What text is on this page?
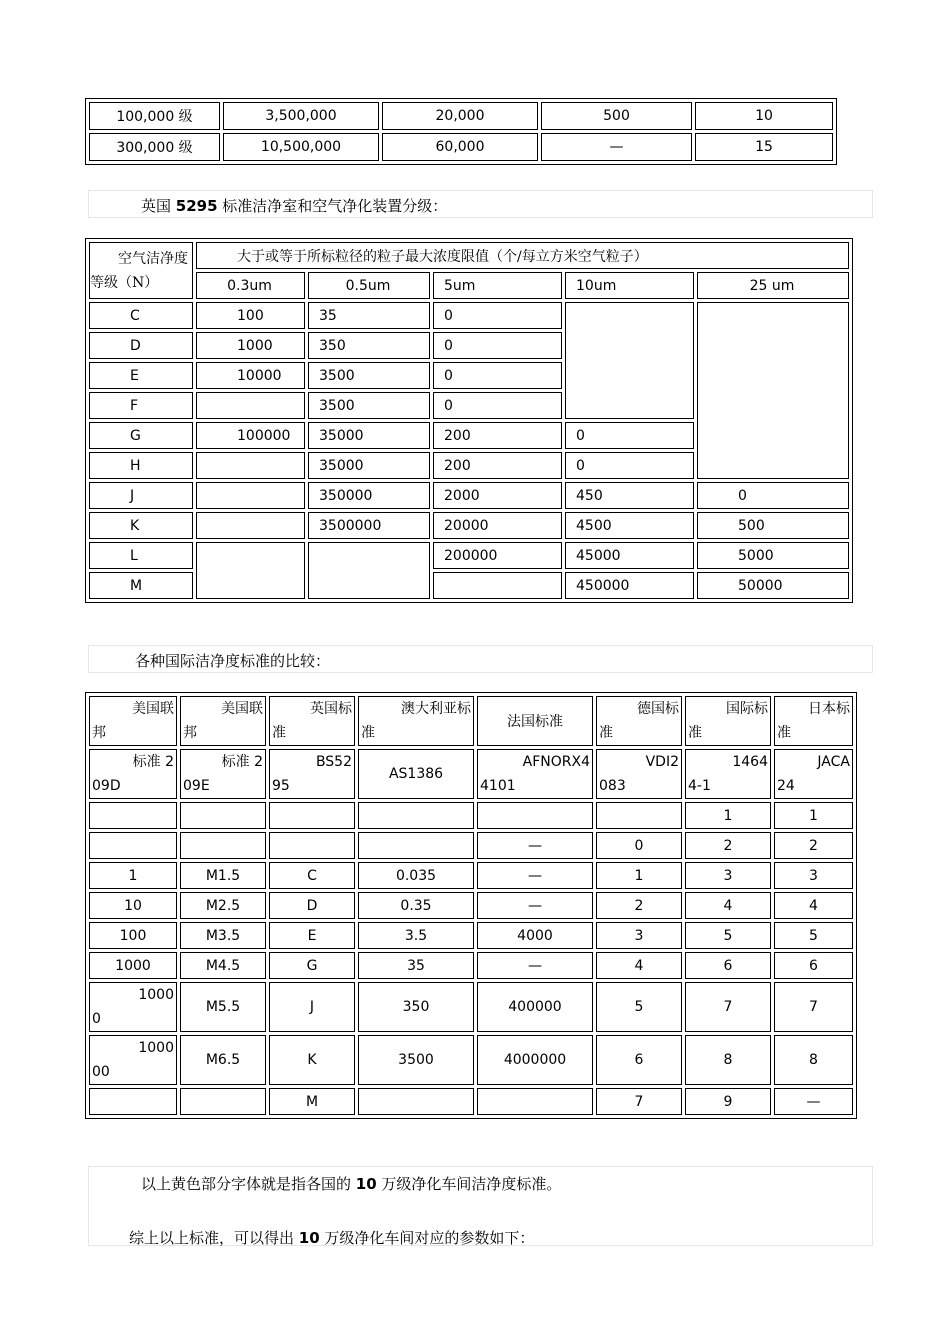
100,000 级	3,500,000	20,000	500	10
300,000 级	10,500,000	60,000	—	15
英国 5295 标准洁净室和空气净化装置分级：
空气洁净度
等级（N）	大于或等于所标粒径的粒子最大浓度限值（个/每立方米空气粒子）				
	0.3um	0.5um	5um	10um	25 um
C	100	35	0		
D	1000	350	0		
E	10000	3500	0		
F		3500	0		
G	100000	35000	200	0	
H		35000	200	0	
J		350000	2000	450	0
K		3500000	20000	4500	500
L			200000	45000	5000
M				450000	50000
各种国际洁净度标准的比较：
美国联
邦	美国联
邦	英国标
准	澳大利亚标
准	法国标准	德国标
准	国际标
准	日本标
准

标准 2
09D	标准 2
09E	BS52
95	AS1386	AFNORX4
4101	VDI2
083	1464
4-1	JACA
24

						1	1
				—	0	2	2
1	M1.5	C	0.035	—	1	3	3
10	M2.5	D	0.35	—	2	4	4
100	M3.5	E	3.5	4000	3	5	5
1000	M4.5	G	35	—	4	6	6

1000
0	M5.5	J	350	400000	5	7	7

1000
00	M6.5	K	3500	4000000	6	8	8
		M			7	9	—
以上黄色部分字体就是指各国的 10 万级净化车间洁净度标准。
综上以上标准，可以得出 10 万级净化车间对应的参数如下：
